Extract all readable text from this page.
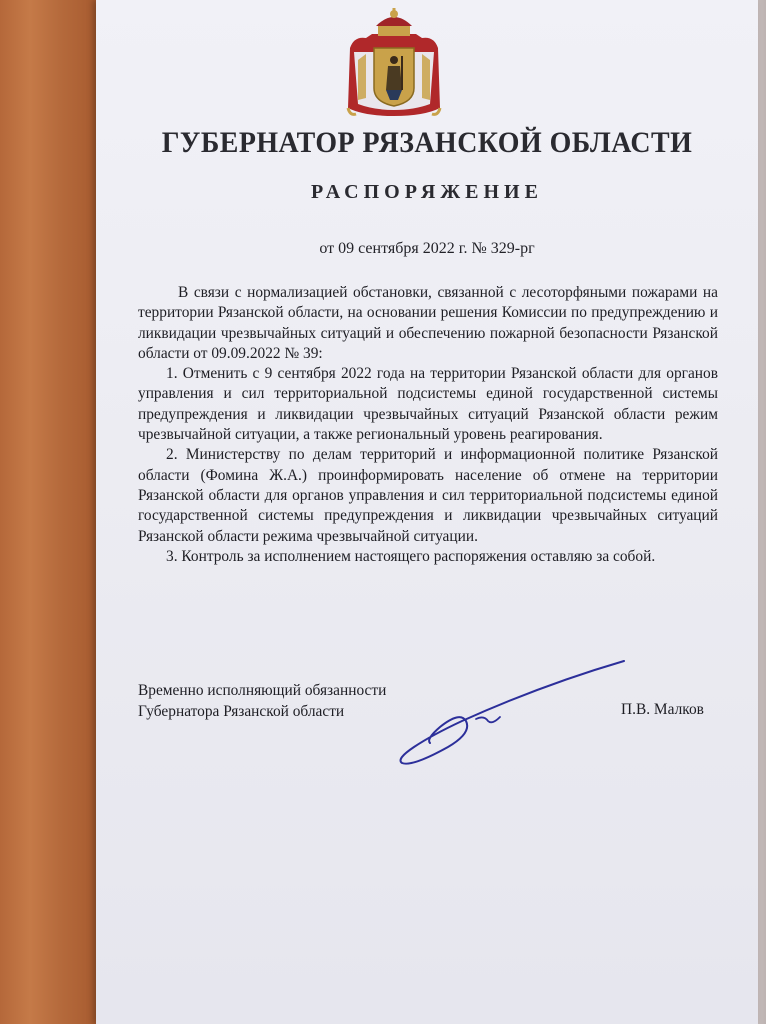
ГУБЕРНАТОР РЯЗАНСКОЙ ОБЛАСТИ
РАСПОРЯЖЕНИЕ
от 09 сентября 2022 г. № 329-рг

В связи с нормализацией обстановки, связанной с лесоторфяными пожарами на территории Рязанской области, на основании решения Комиссии по предупреждению и ликвидации чрезвычайных ситуаций и обеспечению пожарной безопасности Рязанской области от 09.09.2022 № 39:

1. Отменить с 9 сентября 2022 года на территории Рязанской области для органов управления и сил территориальной подсистемы единой государственной системы предупреждения и ликвидации чрезвычайных ситуаций Рязанской области режим чрезвычайной ситуации, а также региональный уровень реагирования.

2. Министерству по делам территорий и информационной политике Рязанской области (Фомина Ж.А.) проинформировать население об отмене на территории Рязанской области для органов управления и сил территориальной подсистемы единой государственной системы предупреждения и ликвидации чрезвычайных ситуаций Рязанской области режима чрезвычайной ситуации.

3. Контроль за исполнением настоящего распоряжения оставляю за собой.

Временно исполняющий обязанности
Губернатора Рязанской области	П.В. Малков
